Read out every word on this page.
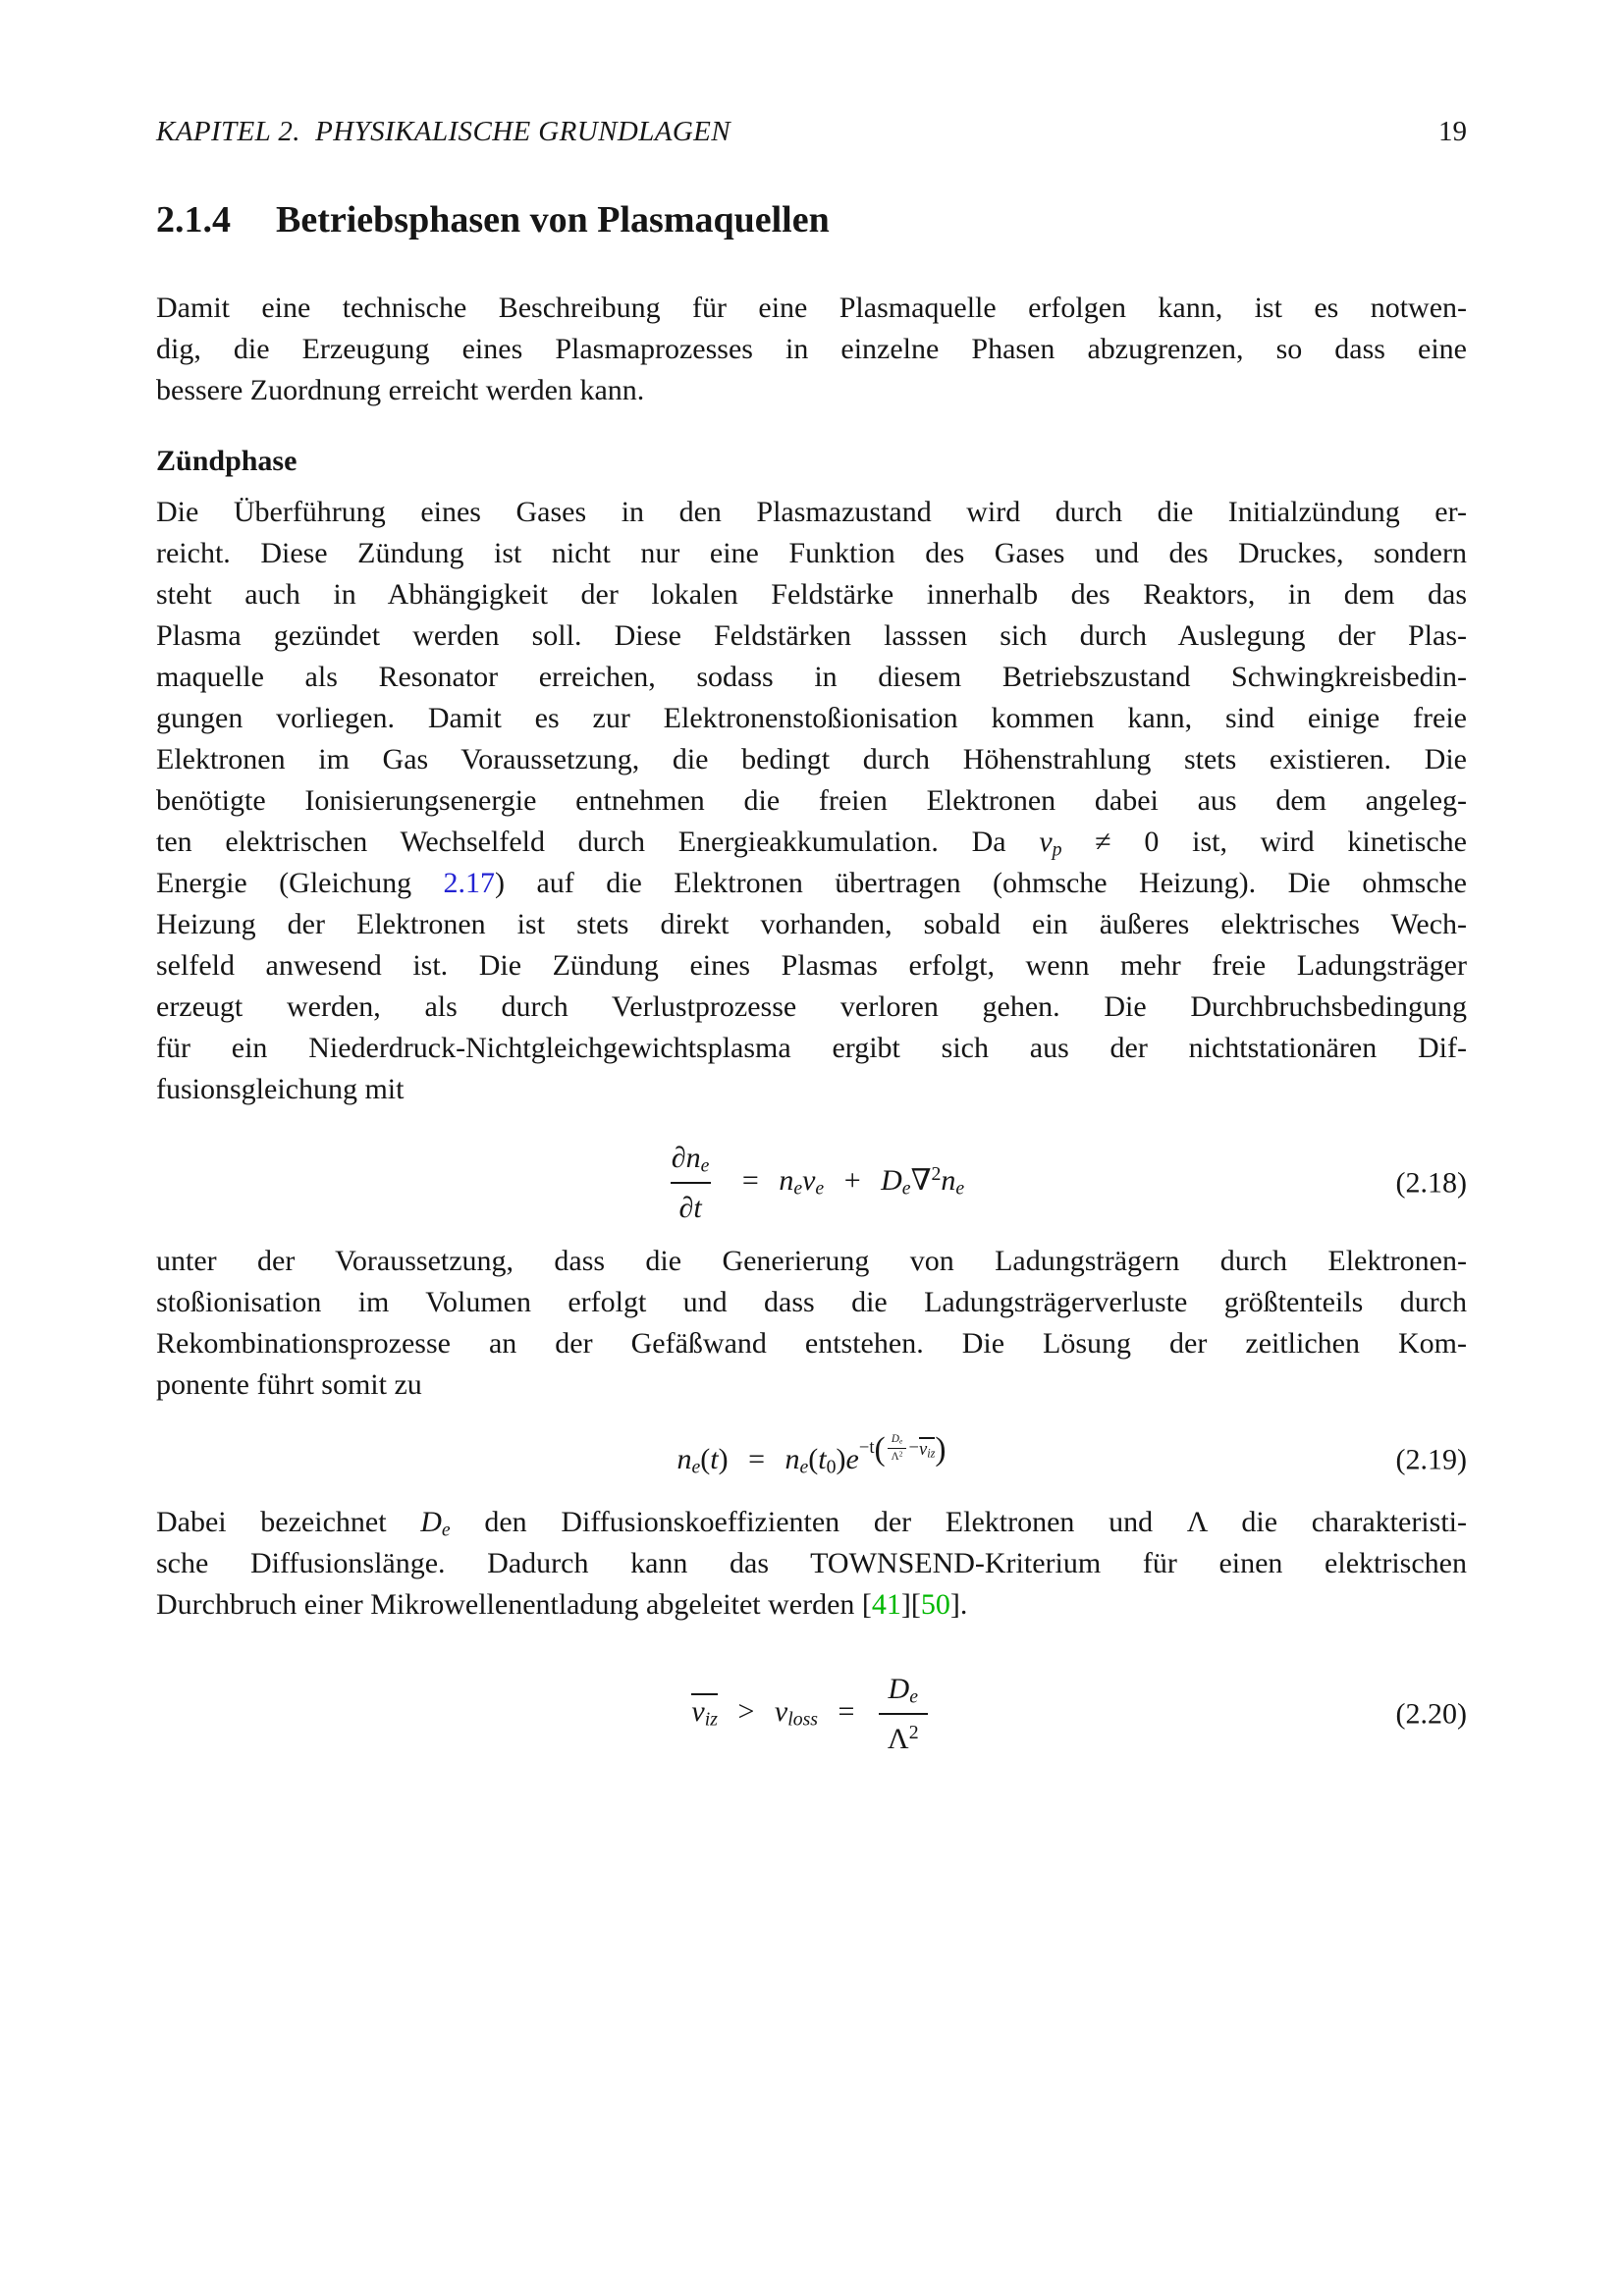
KAPITEL 2.  PHYSIKALISCHE GRUNDLAGEN	19
2.1.4 Betriebsphasen von Plasmaquellen
Damit eine technische Beschreibung für eine Plasmaquelle erfolgen kann, ist es notwen-
dig, die Erzeugung eines Plasmaprozesses in einzelne Phasen abzugrenzen, so dass eine
bessere Zuordnung erreicht werden kann.
Zündphase
Die Überführung eines Gases in den Plasmazustand wird durch die Initialzündung er-
reicht. Diese Zündung ist nicht nur eine Funktion des Gases und des Druckes, sondern
steht auch in Abhängigkeit der lokalen Feldstärke innerhalb des Reaktors, in dem das
Plasma gezündet werden soll. Diese Feldstärken lasssen sich durch Auslegung der Plas-
maquelle als Resonator erreichen, sodass in diesem Betriebszustand Schwingkreisbedin-
gungen vorliegen. Damit es zur Elektronenstoßionisation kommen kann, sind einige freie
Elektronen im Gas Voraussetzung, die bedingt durch Höhenstrahlung stets existieren. Die
benötigte Ionisierungsenergie entnehmen die freien Elektronen dabei aus dem angeleg-
ten elektrischen Wechselfeld durch Energieakkumulation. Da $\nu_p \ne 0$ ist, wird kinetische
Energie (Gleichung 2.17) auf die Elektronen übertragen (ohmsche Heizung). Die ohmsche
Heizung der Elektronen ist stets direkt vorhanden, sobald ein äußeres elektrisches Wech-
selfeld anwesend ist. Die Zündung eines Plasmas erfolgt, wenn mehr freie Ladungsträger
erzeugt werden, als durch Verlustprozesse verloren gehen. Die Durchbruchsbedingung
für ein Niederdruck-Nichtgleichgewichtsplasma ergibt sich aus der nichtstationären Dif-
fusionsgleichung mit
$\frac{\partial n_e}{\partial t} = n_e\nu_e + D_e\nabla^2n_e$	(2.18)
unter der Voraussetzung, dass die Generierung von Ladungsträgern durch Elektronen-
stoßionisation im Volumen erfolgt und dass die Ladungsträgerverluste größtenteils durch
Rekombinationsprozesse an der Gefäßwand entstehen. Die Lösung der zeitlichen Kom-
ponente führt somit zu
$n_e(t) = n_e(t_0)e -t$ ( $\frac{D_e}{\Lambda^2} - \nu_{iz}$ )	(2.19)
Dabei bezeichnet $D_e$ den Diffusionskoeffizienten der Elektronen und Λ die charakteristi-
sche Diffusionslänge. Dadurch kann das TOWNSEND-Kriterium für einen elektrischen
Durchbruch einer Mikrowellenentladung abgeleitet werden [41][50].
$\nu_{iz} > \nu_{loss} = \frac{D_e}{\Lambda^2}$	(2.20)
